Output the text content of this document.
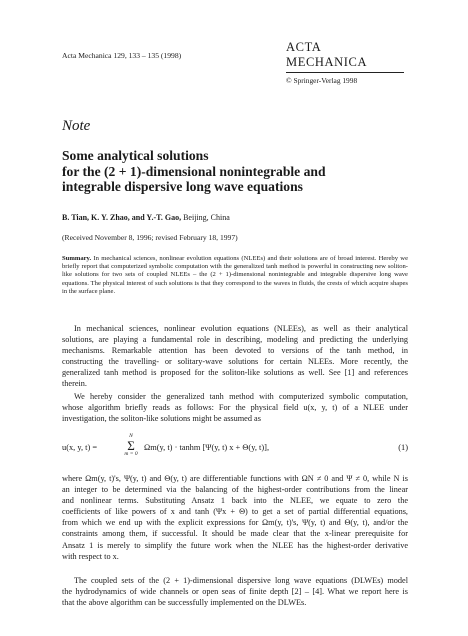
Acta Mechanica 129, 133 – 135 (1998)
ACTA MECHANICA
© Springer-Verlag 1998
Note
Some analytical solutions
for the (2 + 1)-dimensional nonintegrable and
integrable dispersive long wave equations
B. Tian, K. Y. Zhao, and Y.-T. Gao, Beijing, China
(Received November 8, 1996; revised February 18, 1997)
Summary. In mechanical sciences, nonlinear evolution equations (NLEEs) and their solutions are of broad interest. Hereby we briefly report that computerized symbolic computation with the generalized tanh method is powerful in constructing new soliton-like solutions for two sets of coupled NLEEs – the (2 + 1)-dimensional nonintegrable and integrable dispersive long wave equations. The physical interest of such solutions is that they correspond to the waves in fluids, the crests of which acquire shapes in the surface plane.
In mechanical sciences, nonlinear evolution equations (NLEEs), as well as their analytical
solutions, are playing a fundamental role in describing, modeling and predicting the underlying
mechanisms. Remarkable attention has been devoted to versions of the tanh method, in
constructing the travelling- or solitary-wave solutions for certain NLEEs. More recently, the
generalized tanh method is proposed for the soliton-like solutions as well. See [1] and references
therein.
We hereby consider the generalized tanh method with computerized symbolic computation,
whose algorithm briefly reads as follows: For the physical field u(x, y, t) of a NLEE under
investigation, the soliton-like solutions might be assumed as
u(x, y, t) =
N
Σ
m = 0
Ωm(y, t) · tanhm [Ψ(y, t) x + Θ(y, t)],	(1)
where Ωm(y, t)'s, Ψ(y, t) and Θ(y, t) are differentiable functions with ΩN ≠ 0 and Ψ ≠ 0, while N is
an integer to be determined via the balancing of the highest-order contributions from the linear
and nonlinear terms. Substituting Ansatz 1 back into the NLEE, we equate to zero the
coefficients of like powers of x and tanh (Ψx + Θ) to get a set of partial differential equations,
from which we end up with the explicit expressions for Ωm(y, t)'s, Ψ(y, t) and Θ(y, t), and/or the
constraints among them, if successful. It should be made clear that the x-linear prerequisite for
Ansatz 1 is merely to simplify the future work when the NLEE has the highest-order derivative
with respect to x.
The coupled sets of the (2 + 1)-dimensional dispersive long wave equations (DLWEs) model
the hydrodynamics of wide channels or open seas of finite depth [2] – [4]. What we report here is
that the above algorithm can be successfully implemented on the DLWEs.
